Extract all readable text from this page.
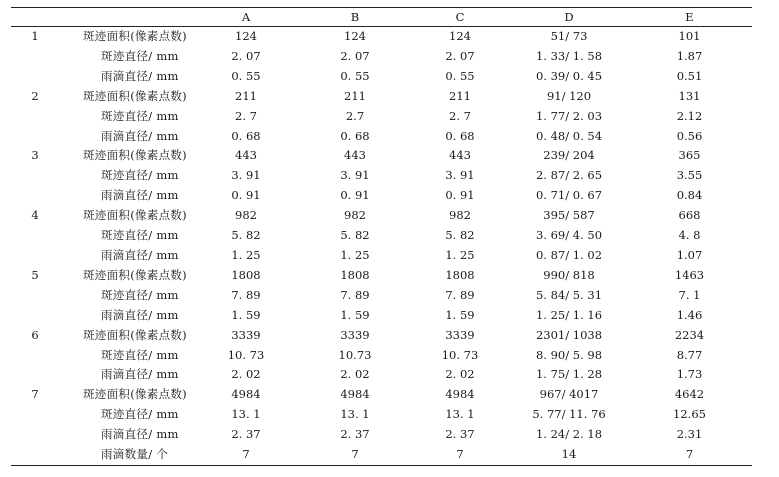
		A	B	C	D	E
1	斑迹面积(像素点数)	124	124	124	51/ 73	101
	斑迹直径/ mm	2. 07	2. 07	2. 07	1. 33/ 1. 58	1.87
	雨滴直径/ mm	0. 55	0. 55	0. 55	0. 39/ 0. 45	0.51
2	斑迹面积(像素点数)	211	211	211	91/ 120	131
	斑迹直径/ mm	2. 7	2.7	2. 7	1. 77/ 2. 03	2.12
	雨滴直径/ mm	0. 68	0. 68	0. 68	0. 48/ 0. 54	0.56
3	斑迹面积(像素点数)	443	443	443	239/ 204	365
	斑迹直径/ mm	3. 91	3. 91	3. 91	2. 87/ 2. 65	3.55
	雨滴直径/ mm	0. 91	0. 91	0. 91	0. 71/ 0. 67	0.84
4	斑迹面积(像素点数)	982	982	982	395/ 587	668
	斑迹直径/ mm	5. 82	5. 82	5. 82	3. 69/ 4. 50	4. 8
	雨滴直径/ mm	1. 25	1. 25	1. 25	0. 87/ 1. 02	1.07
5	斑迹面积(像素点数)	1808	1808	1808	990/ 818	1463
	斑迹直径/ mm	7. 89	7. 89	7. 89	5. 84/ 5. 31	7. 1
	雨滴直径/ mm	1. 59	1. 59	1. 59	1. 25/ 1. 16	1.46
6	斑迹面积(像素点数)	3339	3339	3339	2301/ 1038	2234
	斑迹直径/ mm	10. 73	10.73	10. 73	8. 90/ 5. 98	8.77
	雨滴直径/ mm	2. 02	2. 02	2. 02	1. 75/ 1. 28	1.73
7	斑迹面积(像素点数)	4984	4984	4984	967/ 4017	4642
	斑迹直径/ mm	13. 1	13. 1	13. 1	5. 77/ 11. 76	12.65
	雨滴直径/ mm	2. 37	2. 37	2. 37	1. 24/ 2. 18	2.31
	雨滴数量/ 个	7	7	7	14	7
